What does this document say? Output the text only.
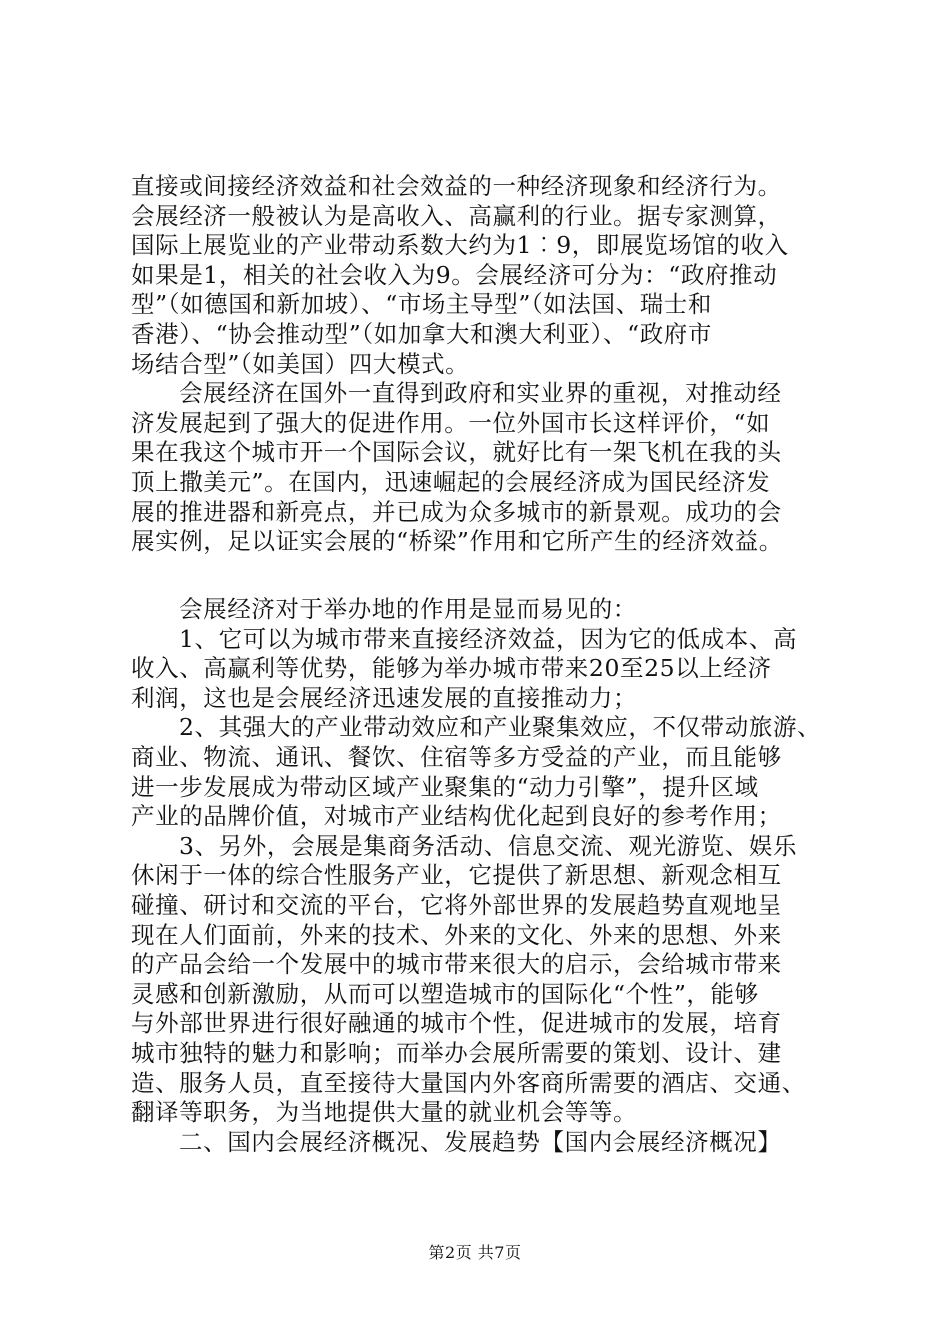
直接或间接经济效益和社会效益的一种经济现象和经济行为。
会展经济一般被认为是高收入、高赢利的行业。据专家测算，
国际上展览业的产业带动系数大约为1︰9，即展览场馆的收入
如果是1，相关的社会收入为9。会展经济可分为：“政府推动
型”（如德国和新加坡）、“市场主导型”（如法国、瑞士和
香港）、“协会推动型”（如加拿大和澳大利亚）、“政府市
场结合型”（如美国）四大模式。
会展经济在国外一直得到政府和实业界的重视，对推动经
济发展起到了强大的促进作用。一位外国市长这样评价，“如
果在我这个城市开一个国际会议，就好比有一架飞机在我的头
顶上撒美元”。在国内，迅速崛起的会展经济成为国民经济发
展的推进器和新亮点，并已成为众多城市的新景观。成功的会
展实例，足以证实会展的“桥梁”作用和它所产生的经济效益。
会展经济对于举办地的作用是显而易见的：
1、它可以为城市带来直接经济效益，因为它的低成本、高
收入、高赢利等优势，能够为举办城市带来20至25以上经济
利润，这也是会展经济迅速发展的直接推动力；
2、其强大的产业带动效应和产业聚集效应，不仅带动旅游、
商业、物流、通讯、餐饮、住宿等多方受益的产业，而且能够
进一步发展成为带动区域产业聚集的“动力引擎”，提升区域
产业的品牌价值，对城市产业结构优化起到良好的参考作用；
3、另外，会展是集商务活动、信息交流、观光游览、娱乐
休闲于一体的综合性服务产业，它提供了新思想、新观念相互
碰撞、研讨和交流的平台，它将外部世界的发展趋势直观地呈
现在人们面前，外来的技术、外来的文化、外来的思想、外来
的产品会给一个发展中的城市带来很大的启示，会给城市带来
灵感和创新激励，从而可以塑造城市的国际化“个性”，能够
与外部世界进行很好融通的城市个性，促进城市的发展，培育
城市独特的魅力和影响；而举办会展所需要的策划、设计、建
造、服务人员，直至接待大量国内外客商所需要的酒店、交通、
翻译等职务，为当地提供大量的就业机会等等。
二、国内会展经济概况、发展趋势【国内会展经济概况】
第2页 共7页
